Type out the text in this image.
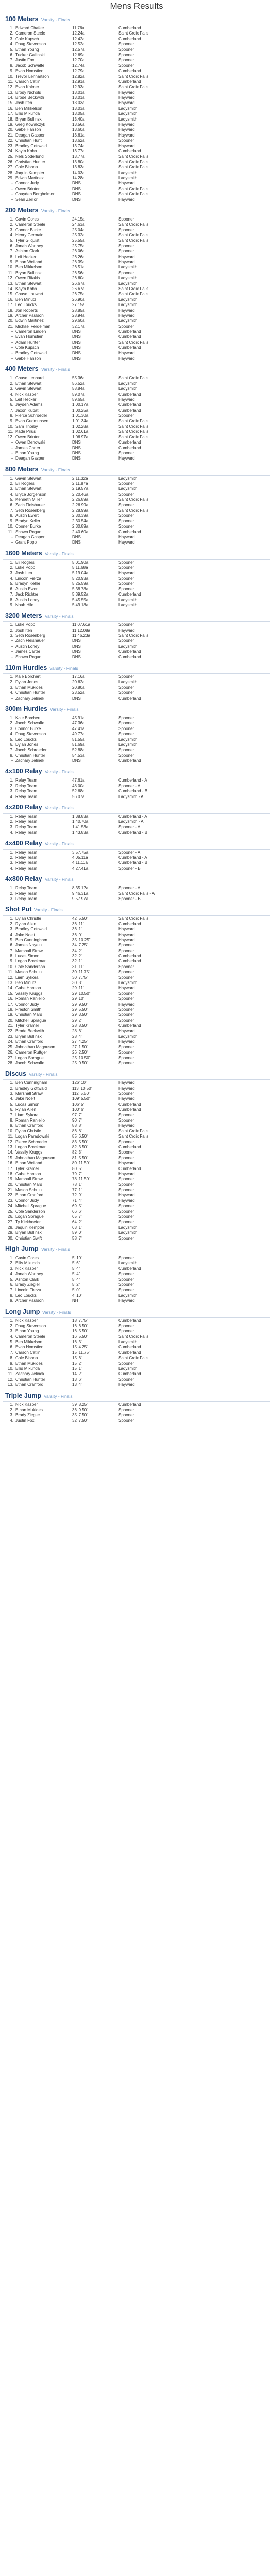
Mens Results
100 Meters Varsity - Finals
1. Edward Chafee	11.76a	Cumberland
2. Cameron Steele	12.24a	Saint Croix Falls
3. Cole Kupsch	12.42a	Cumberland
4. Doug Stevenson	12.52a	Spooner
5. Ethan Young	12.57a	Spooner
6. Tucker Gallinski	12.69a	Spooner
7. Justin Fox	12.70a	Spooner
8. Jacob Schwalfe	12.74a	Spooner
9. Evan Homstien	12.79a	Cumberland
10. Trevor Lennartson	12.82a	Saint Croix Falls
11. Carson Catlin	12.91a	Cumberland
12. Evan Kalmer	12.93a	Saint Croix Falls
13. Brody Nichols	13.01a	Hayward
14. Brode Beckwith	13.01a	Hayward
15. Josh Iten	13.03a	Hayward
16. Ben Mikkelson	13.03a	Ladysmith
17. Ellis Mikunda	13.05a	Ladysmith
18. Bryan Bullinski	13.40a	Ladysmith
19. Greg Kowalczyk	13.56a	Hayward
20. Gabe Hanson	13.60a	Hayward
21. Deagan Gasper	13.61a	Hayward
22. Christian Hunt	13.62a	Spooner
23. Bradley Gottwald	13.74a	Hayward
24. Kaytn Kohn	13.77a	Cumberland
25. Nels Soderlund	13.77a	Saint Croix Falls
26. Christian Hunter	13.80a	Saint Croix Falls
27. Cole Bishop	13.83a	Saint Croix Falls
28. Jaquin Kempter	14.03a	Ladysmith
29. Edwin Martinez	14.28a	Ladysmith
-- Connor Judy	DNS	Hayward
-- Owen Brinton	DNS	Saint Croix Falls
-- Chayden Bergholmer	DNS	Saint Croix Falls
-- Sean Zeillor	DNS	Hayward
200 Meters Varsity - Finals
1. Gavin Gores	24.15a	Spooner
2. Cameron Steele	24.63a	Saint Croix Falls
3. Connor Burke	25.04a	Spooner
4. Henry Germain	25.32a	Saint Croix Falls
5. Tyler Gilquist	25.55a	Saint Croix Falls
6. Jonah Worthey	25.75a	Spooner
7. Ashton Clark	26.06a	Spooner
8. Leif Hecker	26.26a	Hayward
9. Ethan Weiland	26.39a	Hayward
10. Ben Mikkelson	26.51a	Ladysmith
11. Bryan Bullinski	26.56a	Spooner
12. Owen Rifakis	26.60a	Ladysmith
13. Ethan Stewart	26.67a	Ladysmith
14. Kaytn Kohn	26.67a	Saint Croix Falls
15. Chase Louwart	26.75a	Saint Croix Falls
16. Ben Minutz	26.90a	Ladysmith
17. Leo Loucks	27.15a	Ladysmith
18. Jon Roberts	28.85a	Hayward
19. Archer Paulson	28.94a	Hayward
20. Edwin Martinez	29.60a	Ladysmith
21. Michael Ferdelman	32.17a	Spooner
-- Cameron Linden	DNS	Cumberland
-- Evan Homstien	DNS	Cumberland
-- Adam Hunter	DNS	Saint Croix Falls
-- Cole Kupsch	DNS	Cumberland
-- Bradley Gottwald	DNS	Hayward
-- Gabe Hanson	DNS	Hayward
400 Meters Varsity - Finals
1. Chase Leonard	55.36a	Saint Croix Falls
2. Ethan Stewart	56.52a	Ladysmith
3. Gavin Stewart	58.84a	Ladysmith
4. Nick Kasper	59.07a	Cumberland
5. Leif Hecker	59.65a	Hayward
6. Jayden Adams	1:00.17a	Cumberland
7. Jaxon Kubat	1:00.25a	Cumberland
8. Pierce Schroeder	1:01.30a	Spooner
9. Evan Gudmunsen	1:01.34a	Saint Croix Falls
10. Sam Thorby	1:02.28a	Saint Croix Falls
11. Kade Pirus	1:02.61a	Saint Croix Falls
12. Owen Brinton	1:06.97a	Saint Croix Falls
-- Owen Denowski	DNS	Cumberland
-- James Carter	DNS	Cumberland
-- Ethan Young	DNS	Spooner
-- Deagan Gasper	DNS	Hayward
800 Meters Varsity - Finals
1. Gavin Stewart	2:11.32a	Ladysmith
2. Eli Rogers	2:11.87a	Spooner
3. Ethan Stewart	2:19.57a	Ladysmith
4. Bryce Jorgenson	2:20.46a	Spooner
5. Kenneth Miller	2:26.89a	Saint Croix Falls
6. Zach Fleishauer	2:26.99a	Spooner
7. Seth Rosenberg	2:28.99a	Saint Croix Falls
8. Austin Ewert	2:30.39a	Spooner
9. Bradyn Keller	2:30.54a	Spooner
10. Conner Burke	2:30.89a	Spooner
11. Shawn Rogan	2:40.60a	Cumberland
-- Deagan Gasper	DNS	Hayward
-- Grant Popp	DNS	Hayward
1600 Meters Varsity - Finals
1. Eli Rogers	5:01.90a	Spooner
2. Luke Popp	5:11.68a	Spooner
3. Josh Iten	5:19.04a	Hayward
4. Lincoln Fierza	5:20.93a	Spooner
5. Bradyn Keller	5:25.59a	Spooner
6. Austin Ewert	5:38.78a	Spooner
7. Jack Richter	5:39.52a	Cumberland
8. Austin Loney	5:45.55a	Ladysmith
9. Noah Hile	5:49.18a	Ladysmith
3200 Meters Varsity - Finals
1. Luke Popp	11:07.61a	Spooner
2. Josh Iten	11:12.08a	Hayward
3. Seth Rosenberg	11:46.23a	Saint Croix Falls
-- Zach Fleishauer	DNS	Spooner
-- Austin Loney	DNS	Ladysmith
-- James Carter	DNS	Cumberland
-- Shawn Rogan	DNS	Cumberland
110m Hurdles Varsity - Finals
1. Kale Borchert	17.16a	Spooner
2. Dylan Jones	20.62a	Ladysmith
3. Ethan Mukides	20.80a	Spooner
4. Christian Hunter	23.52a	Spooner
-- Zachary Jelinek	DNS	Cumberland
300m Hurdles Varsity - Finals
1. Kale Borchert	45.91a	Spooner
2. Jacob Schwalfe	47.36a	Spooner
3. Connor Burke	47.41a	Spooner
4. Doug Stevenson	49.77a	Spooner
5. Leo Loucks	51.55a	Ladysmith
6. Dylan Jones	51.69a	Ladysmith
7. Jacob Schroeder	52.88a	Spooner
8. Christian Hunter	54.53a	Spooner
-- Zachary Jelinek	DNS	Cumberland
4x100 Relay Varsity - Finals
1. Relay Team	47.61a	Cumberland - A
2. Relay Team	48.00a	Spooner - A
3. Relay Team	52.68a	Cumberland - B
4. Relay Team	56.07a	Ladysmith - A
4x200 Relay Varsity - Finals
1. Relay Team	1:38.83a	Cumberland - A
2. Relay Team	1:40.70a	Ladysmith - A
3. Relay Team	1:41.53a	Spooner - A
4. Relay Team	1:43.83a	Cumberland - B
4x400 Relay Varsity - Finals
1. Relay Team	3:57.75a	Spooner - A
2. Relay Team	4:05.11a	Cumberland - A
3. Relay Team	4:11.11a	Cumberland - B
4. Relay Team	4:27.41a	Spooner - B
4x800 Relay Varsity - Finals
1. Relay Team	8:35.12a	Spooner - A
2. Relay Team	9:46.31a	Saint Croix Falls - A
3. Relay Team	9:57.97a	Spooner - B
Shot Put Varsity - Finals
1. Dylan Christle	42' 5.50"	Saint Croix Falls
2. Rylan Allen	36' 11"	Cumberland
3. Bradley Gottwald	36' 1"	Hayward
4. Jake Noelt	36' 0"	Hayward
5. Ben Cunningham	35' 10.25"	Hayward
6. James Nayeltz	34' 7.25"	Spooner
7. Marshall Straw	34' 2"	Spooner
8. Lucas Simon	32' 2"	Cumberland
9. Logan Brockman	32' 1"	Cumberland
10. Cole Sanderson	31' 11"	Spooner
11. Mason Schultz	30' 11.75"	Spooner
12. Liam Sykora	30' 7.75"	Spooner
13. Ben Minutz	30' 3"	Ladysmith
14. Gabe Hanson	29' 11"	Hayward
15. Vassily Kruggs	29' 10.50"	Spooner
16. Roman Raniello	29' 10"	Spooner
17. Connor Judy	29' 9.50"	Hayward
18. Preston Smith	29' 5.50"	Spooner
19. Christian Mars	29' 3.50"	Spooner
20. Mitchell Sprague	29' 2"	Spooner
21. Tyler Kramer	28' 8.50"	Cumberland
22. Brode Beckwith	28' 6"	Hayward
23. Bryan Bullinski	28' 4"	Ladysmith
24. Ethan Cranford	27' 4.25"	Hayward
25. Johnathan Magnuson	27' 1.50"	Spooner
26. Cameron Ruttger	26' 2.50"	Spooner
27. Logan Sprague	25' 10.50"	Spooner
28. Jacob Schwalfe	25' 0.50"	Spooner
Discus Varsity - Finals
1. Ben Cunningham	126' 10"	Hayward
2. Bradley Gottwald	113' 10.50"	Hayward
3. Marshall Straw	112' 5.50"	Spooner
4. Jake Noelt	109' 5.50"	Hayward
5. Lucas Simon	106' 5"	Cumberland
6. Rylan Allen	100' 6"	Cumberland
7. Liam Sykora	97' 7"	Spooner
8. Roman Raniello	90' 7"	Spooner
9. Ethan Cranford	88' 8"	Hayward
10. Dylan Christle	86' 8"	Saint Croix Falls
11. Logan Paradowski	85' 6.50"	Saint Croix Falls
12. Pierce Schroeder	83' 5.50"	Spooner
13. Logan Brockman	82' 3.50"	Cumberland
14. Vassily Kruggs	82' 3"	Spooner
15. Johnathan Magnuson	81' 5.50"	Spooner
16. Ethan Weiland	80' 11.50"	Hayward
17. Tyler Kramer	80' 5"	Cumberland
18. Gabe Hanson	79' 7"	Hayward
19. Marshall Straw	78' 11.50"	Spooner
20. Christian Mars	78' 1"	Spooner
21. Mason Schultz	77' 1"	Spooner
22. Ethan Cranford	72' 9"	Hayward
23. Connor Judy	71' 4"	Hayward
24. Mitchell Sprague	69' 5"	Spooner
25. Cole Sanderson	66' 6"	Spooner
26. Logan Sprague	65' 7"	Spooner
27. Ty Kiekhoefer	64' 2"	Spooner
28. Jaquin Kempter	63' 1"	Ladysmith
29. Bryan Bullinski	59' 0"	Ladysmith
30. Christian Swift	58' 7"	Spooner
High Jump Varsity - Finals
1. Gavin Gores	5' 10"	Spooner
2. Ellis Mikunda	5' 6"	Ladysmith
3. Nick Kasper	5' 4"	Cumberland
4. Jonah Worthey	5' 4"	Spooner
5. Ashton Clark	5' 4"	Spooner
6. Brady Ziegler	5' 2"	Spooner
7. Lincoln Fierza	5' 0"	Spooner
8. Leo Loucks	4' 10"	Ladysmith
9. Archer Paulson	NH	Hayward
Long Jump Varsity - Finals
1. Nick Kasper	18' 7.75"	Cumberland
2. Doug Stevenson	16' 6.50"	Spooner
3. Ethan Young	16' 5.50"	Spooner
4. Cameron Steele	16' 5.50"	Saint Croix Falls
5. Ben Mikkelson	16' 3"	Ladysmith
6. Evan Homstien	15' 4.25"	Cumberland
7. Carson Catlin	15' 11.75"	Cumberland
8. Cole Bishop	15' 6"	Saint Croix Falls
9. Ethan Mukides	15' 2"	Spooner
10. Ellis Mikunda	15' 1"	Ladysmith
11. Zachary Jelinek	14' 2"	Cumberland
12. Christian Hunter	13' 6"	Spooner
13. Ethan Cranford	13' 4"	Hayward
Triple Jump Varsity - Finals
1. Nick Kasper	39' 8.25"	Cumberland
2. Ethan Mukides	36' 9.50"	Spooner
3. Brady Ziegler	35' 7.50"	Spooner
4. Justin Fox	32' 7.50"	Spooner
